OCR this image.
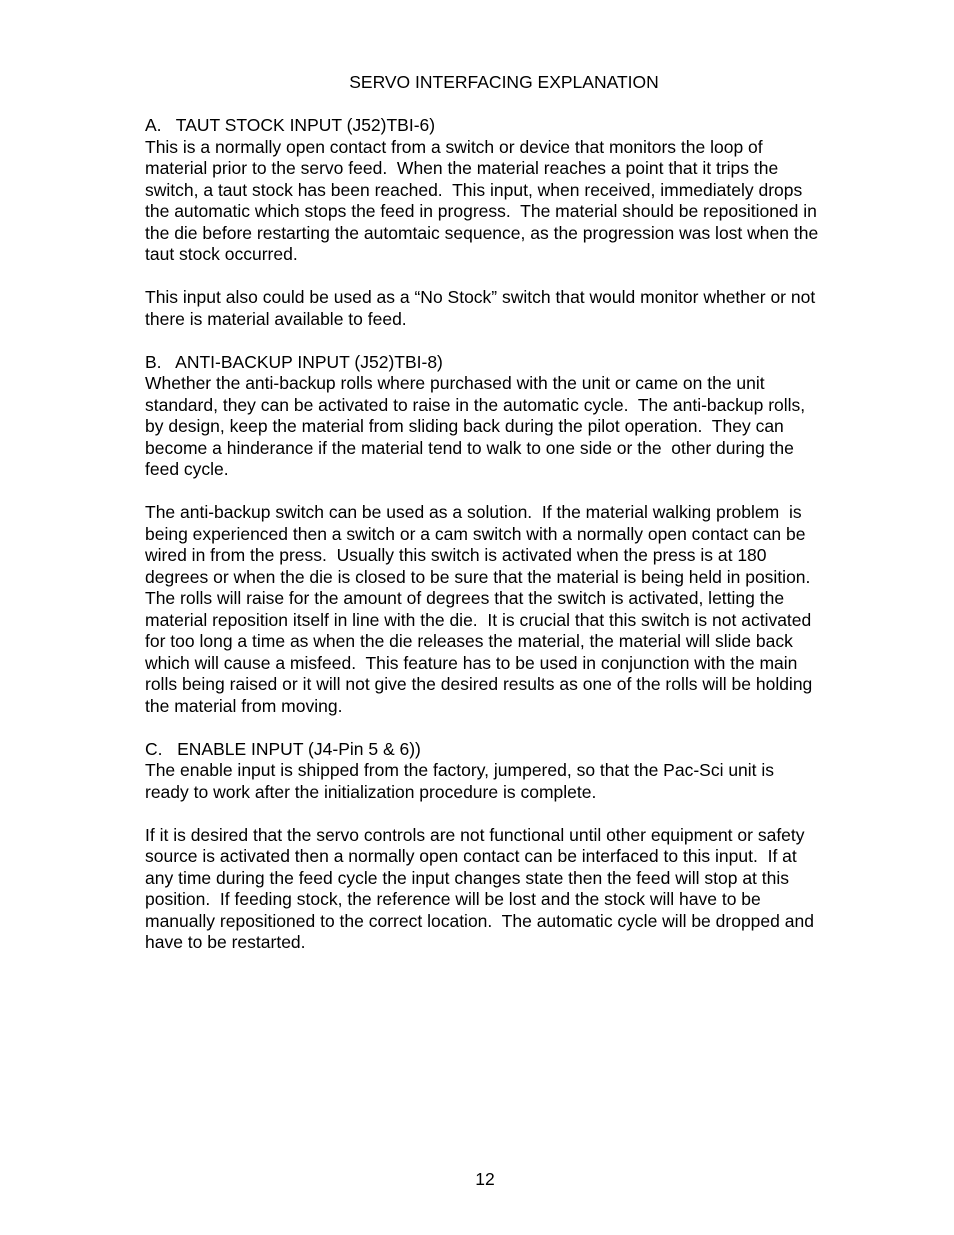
SERVO INTERFACING EXPLANATION
A.   TAUT STOCK INPUT (J52)TBI-6)
This is a normally open contact from a switch or device that monitors the loop of
material prior to the servo feed.  When the material reaches a point that it trips the
switch, a taut stock has been reached.  This input, when received, immediately drops
the automatic which stops the feed in progress.  The material should be repositioned in
the die before restarting the automtaic sequence, as the progression was lost when the
taut stock occurred.
This input also could be used as a “No Stock” switch that would monitor whether or not
there is material available to feed.
B.   ANTI-BACKUP INPUT (J52)TBI-8)
Whether the anti-backup rolls where purchased with the unit or came on the unit
standard, they can be activated to raise in the automatic cycle.  The anti-backup rolls,
by design, keep the material from sliding back during the pilot operation.  They can
become a hinderance if the material tend to walk to one side or the  other during the
feed cycle.
The anti-backup switch can be used as a solution.  If the material walking problem  is
being experienced then a switch or a cam switch with a normally open contact can be
wired in from the press.  Usually this switch is activated when the press is at 180
degrees or when the die is closed to be sure that the material is being held in position.
The rolls will raise for the amount of degrees that the switch is activated, letting the
material reposition itself in line with the die.  It is crucial that this switch is not activated
for too long a time as when the die releases the material, the material will slide back
which will cause a misfeed.  This feature has to be used in conjunction with the main
rolls being raised or it will not give the desired results as one of the rolls will be holding
the material from moving.
C.   ENABLE INPUT (J4-Pin 5 & 6))
The enable input is shipped from the factory, jumpered, so that the Pac-Sci unit is
ready to work after the initialization procedure is complete.
If it is desired that the servo controls are not functional until other equipment or safety
source is activated then a normally open contact can be interfaced to this input.  If at
any time during the feed cycle the input changes state then the feed will stop at this
position.  If feeding stock, the reference will be lost and the stock will have to be
manually repositioned to the correct location.  The automatic cycle will be dropped and
have to be restarted.
12
